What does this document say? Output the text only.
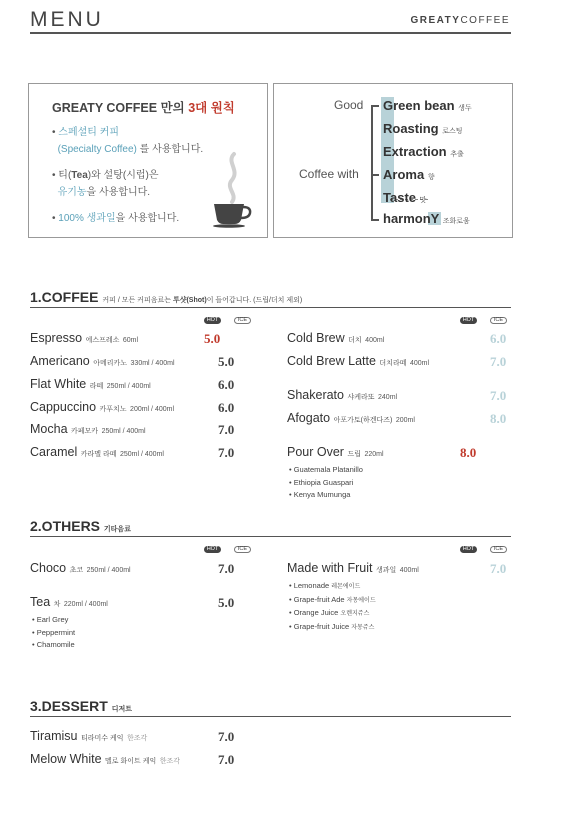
MENU	GREATYCOFFEE
GREATY COFFEE 만의 3대 원칙
• 스페셜티 커피
(Specialty Coffee) 를 사용합니다.
• 티(Tea)와 설탕(시럽)은
유기농을 사용합니다.
• 100% 생과일을 사용합니다.
Good
Coffee with
Green bean 생두
Roasting 로스팅
Extraction 추출
Aroma 향
Taste 맛
harmonY 조화로움
1.COFFEE 커피 / 모든 커피음료는 투샷(Shot)이 들어갑니다. (드립/더치 제외)
HOT	ICE	HOT	ICE
Espresso 에스프레소 60ml	5.0
Americano 아메리카노 330ml / 400ml	5.0
Flat White 라떼 250ml / 400ml	6.0
Cappuccino 카푸치노 200ml / 400ml	6.0
Mocha 카페모카 250ml / 400ml	7.0
Caramel 카라멜 라떼 250ml / 400ml	7.0
Cold Brew 더치 400ml	6.0
Cold Brew Latte 더치라떼 400ml	7.0
Shakerato 샤케라또 240ml	7.0
Afogato 아포가토(하겐다즈) 200ml	8.0
Pour Over 드립 220ml	8.0
• Guatemala Platanillo
• Ethiopia Guaspari
• Kenya Mumunga
2.OTHERS 기타음료
HOT	ICE	HOT	ICE
Choco 초코 250ml / 400ml	7.0
Tea 차 220ml / 400ml	5.0
• Earl Grey
• Peppermint
• Chamomile
Made with Fruit 생과일 400ml	7.0
• Lemonade 레몬에이드
• Grape-fruit Ade 자몽에이드
• Orange Juice 오렌지쥬스
• Grape-fruit Juice 자몽쥬스
3.DESSERT 디저트
Tiramisu 티라미수 케익 한조각	7.0
Melow White 멜로 화이트 케익 한조각	7.0
